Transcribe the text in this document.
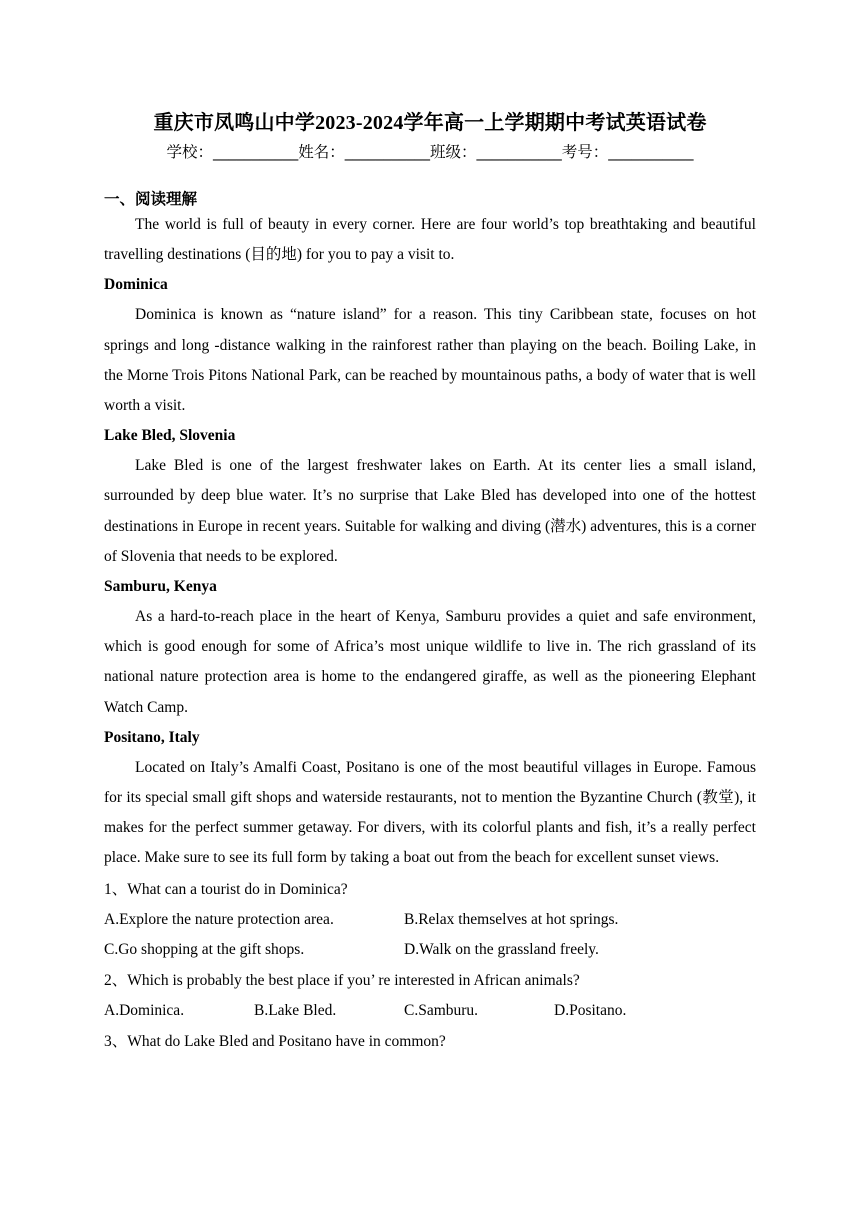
重庆市凤鸣山中学2023-2024学年高一上学期期中考试英语试卷
学校：___________姓名：___________班级：___________考号：___________
一、阅读理解

The world is full of beauty in every corner. Here are four world’s top breathtaking and beautiful travelling destinations (目的地) for you to pay a visit to.

Dominica

Dominica is known as “nature island” for a reason. This tiny Caribbean state, focuses on hot springs and long -distance walking in the rainforest rather than playing on the beach. Boiling Lake, in the Morne Trois Pitons National Park, can be reached by mountainous paths, a body of water that is well worth a visit.

Lake Bled, Slovenia

Lake Bled is one of the largest freshwater lakes on Earth. At its center lies a small island, surrounded by deep blue water. It’s no surprise that Lake Bled has developed into one of the hottest destinations in Europe in recent years. Suitable for walking and diving (潜水) adventures, this is a corner of Slovenia that needs to be explored.

Samburu, Kenya

As a hard-to-reach place in the heart of Kenya, Samburu provides a quiet and safe environment, which is good enough for some of Africa’s most unique wildlife to live in. The rich grassland of its national nature protection area is home to the endangered giraffe, as well as the pioneering Elephant Watch Camp.

Positano, Italy

Located on Italy’s Amalfi Coast, Positano is one of the most beautiful villages in Europe. Famous for its special small gift shops and waterside restaurants, not to mention the Byzantine Church (教堂), it makes for the perfect summer getaway. For divers, with its colorful plants and fish, it’s a really perfect place. Make sure to see its full form by taking a boat out from the beach for excellent sunset views.

1、What can a tourist do in Dominica?
A.Explore the nature protection area.	B.Relax themselves at hot springs.
C.Go shopping at the gift shops.	D.Walk on the grassland freely.
2、Which is probably the best place if you’ re interested in African animals?
A.Dominica.	B.Lake Bled.	C.Samburu.	D.Positano.
3、What do Lake Bled and Positano have in common?
